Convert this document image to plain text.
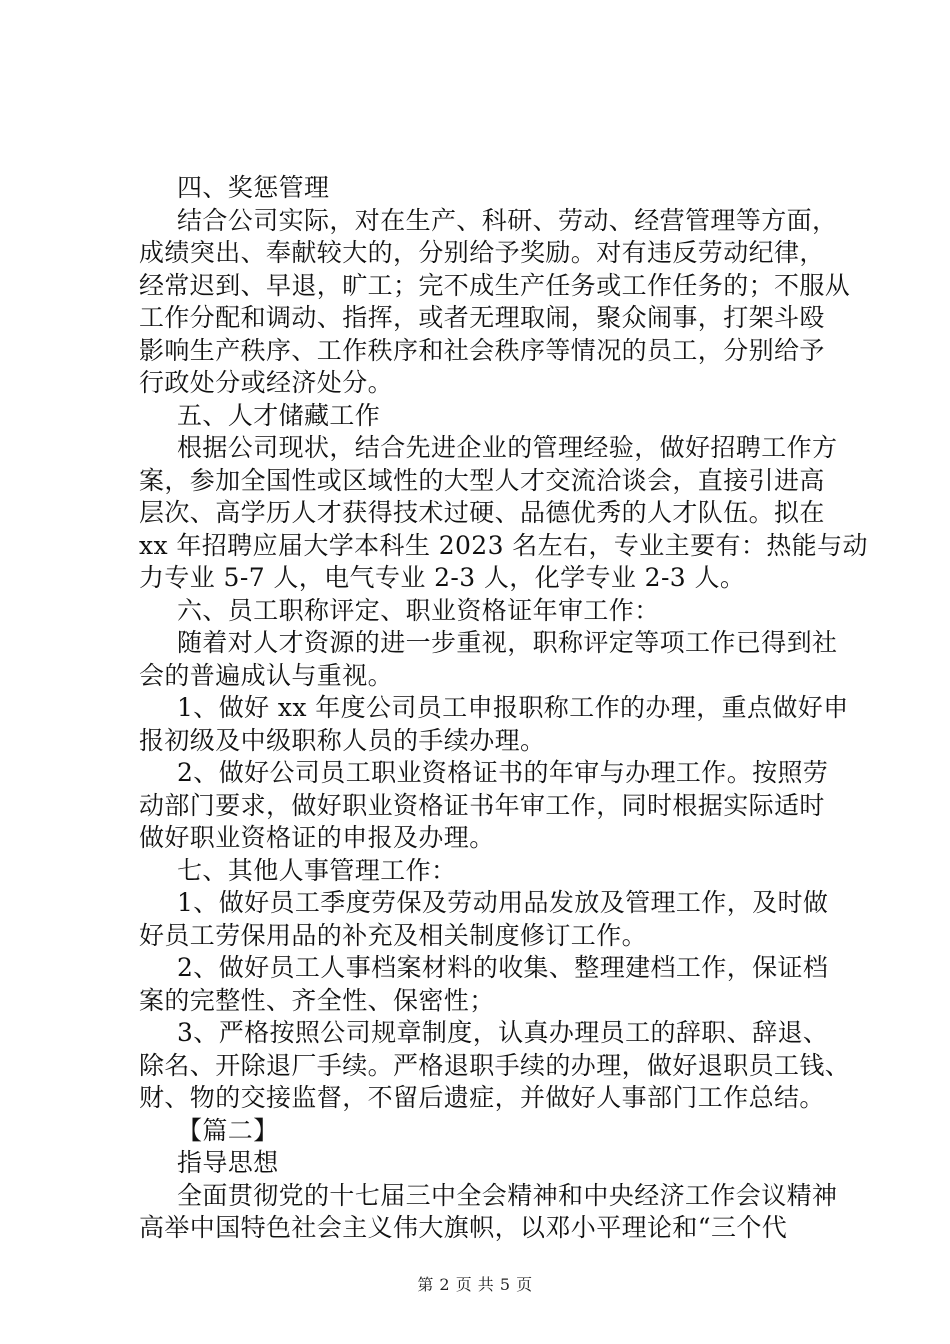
四、奖惩管理

结合公司实际，对在生产、科研、劳动、经营管理等方面，

成绩突出、奉献较大的，分别给予奖励。对有违反劳动纪律，

经常迟到、早退，旷工；完不成生产任务或工作任务的；不服从

工作分配和调动、指挥，或者无理取闹，聚众闹事，打架斗殴

影响生产秩序、工作秩序和社会秩序等情况的员工，分别给予

行政处分或经济处分。

五、人才储藏工作

根据公司现状，结合先进企业的管理经验，做好招聘工作方

案，参加全国性或区域性的大型人才交流洽谈会，直接引进高

层次、高学历人才获得技术过硬、品德优秀的人才队伍。拟在

xx 年招聘应届大学本科生 2023 名左右，专业主要有：热能与动

力专业 5-7 人，电气专业 2-3 人，化学专业 2-3 人。

六、员工职称评定、职业资格证年审工作：

随着对人才资源的进一步重视，职称评定等项工作已得到社

会的普遍成认与重视。

1、做好 xx 年度公司员工申报职称工作的办理，重点做好申

报初级及中级职称人员的手续办理。

2、做好公司员工职业资格证书的年审与办理工作。按照劳

动部门要求，做好职业资格证书年审工作，同时根据实际适时

做好职业资格证的申报及办理。

七、其他人事管理工作：

1、做好员工季度劳保及劳动用品发放及管理工作，及时做

好员工劳保用品的补充及相关制度修订工作。

2、做好员工人事档案材料的收集、整理建档工作，保证档

案的完整性、齐全性、保密性；

3、严格按照公司规章制度，认真办理员工的辞职、辞退、

除名、开除退厂手续。严格退职手续的办理，做好退职员工钱、

财、物的交接监督，不留后遗症，并做好人事部门工作总结。

【篇二】

指导思想

全面贯彻党的十七届三中全会精神和中央经济工作会议精神

高举中国特色社会主义伟大旗帜，以邓小平理论和“三个代

第 2 页 共 5 页
